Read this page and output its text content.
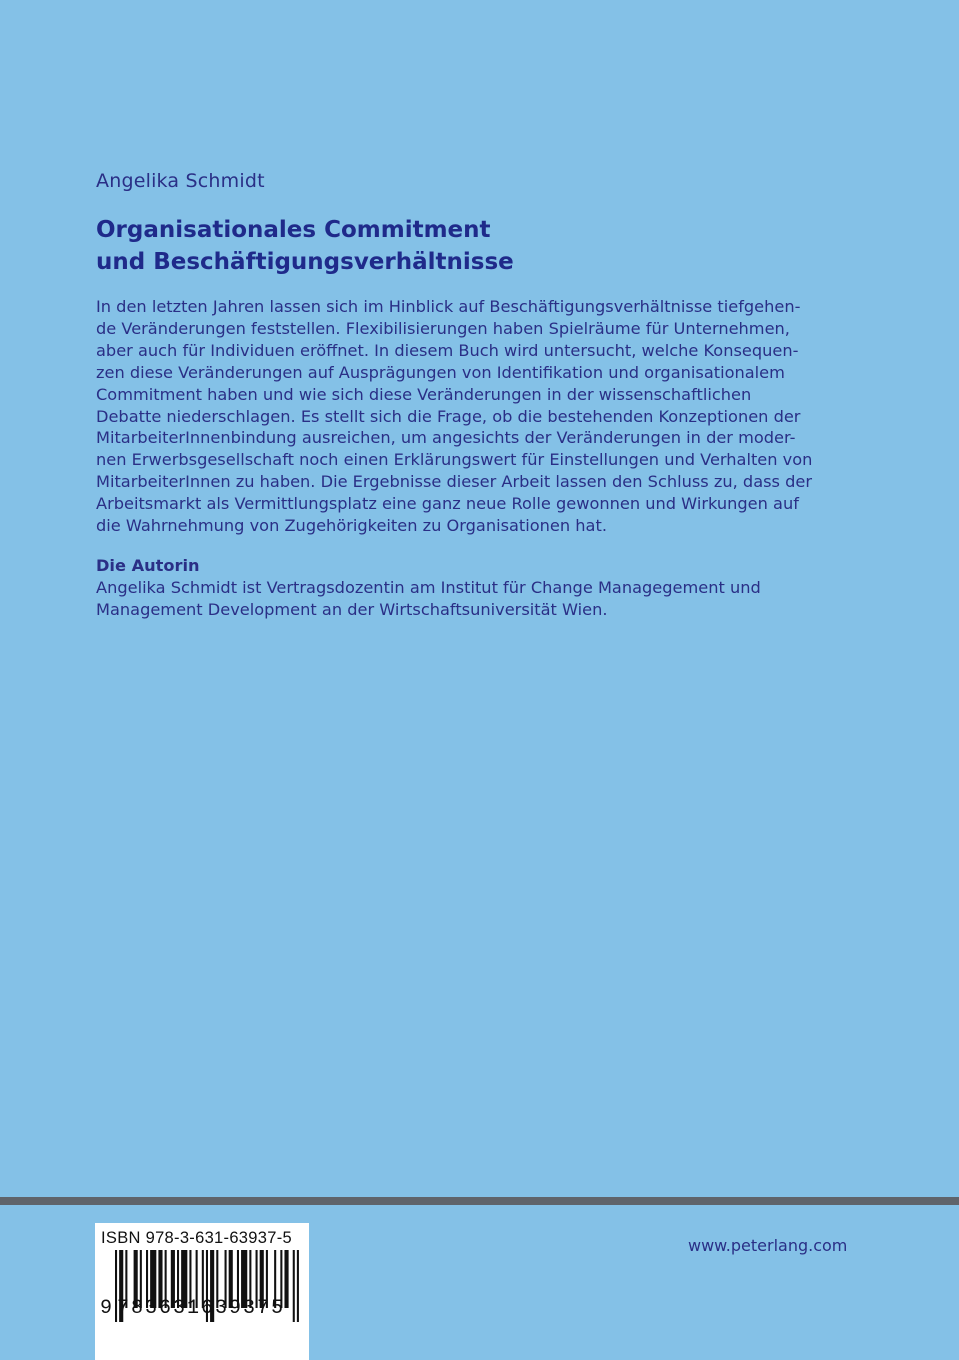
Angelika Schmidt
Organisationales Commitment
und Beschäftigungsverhältnisse

In den letzten Jahren lassen sich im Hinblick auf Beschäftigungsverhältnisse tiefgehen-
de Veränderungen feststellen. Flexibilisierungen haben Spielräume für Unternehmen,
aber auch für Individuen eröffnet. In diesem Buch wird untersucht, welche Konsequen-
zen diese Veränderungen auf Ausprägungen von Identifikation und organisationalem
Commitment haben und wie sich diese Veränderungen in der wissenschaftlichen
Debatte niederschlagen. Es stellt sich die Frage, ob die bestehenden Konzeptionen der
MitarbeiterInnenbindung ausreichen, um angesichts der Veränderungen in der moder-
nen Erwerbsgesellschaft noch einen Erklärungswert für Einstellungen und Verhalten von
MitarbeiterInnen zu haben. Die Ergebnisse dieser Arbeit lassen den Schluss zu, dass der
Arbeitsmarkt als Vermittlungsplatz eine ganz neue Rolle gewonnen und Wirkungen auf
die Wahrnehmung von Zugehörigkeiten zu Organisationen hat.

Die Autorin
Angelika Schmidt ist Vertragsdozentin am Institut für Change Managegement und
Management Development an der Wirtschaftsuniversität Wien.
ISBN 978-3-631-63937-5
9 783631639375
www.peterlang.com
